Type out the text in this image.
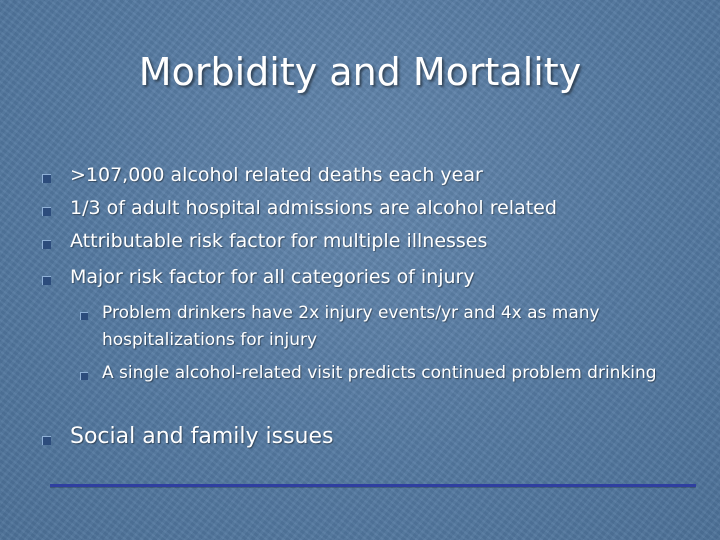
Morbidity and Mortality
>107,000 alcohol related deaths each year
1/3 of adult hospital admissions are alcohol related
Attributable risk factor for multiple illnesses
Major risk factor for all categories of injury
Problem drinkers have 2x injury events/yr and 4x as many hospitalizations for injury
A single alcohol-related visit predicts continued problem drinking
Social and family issues
